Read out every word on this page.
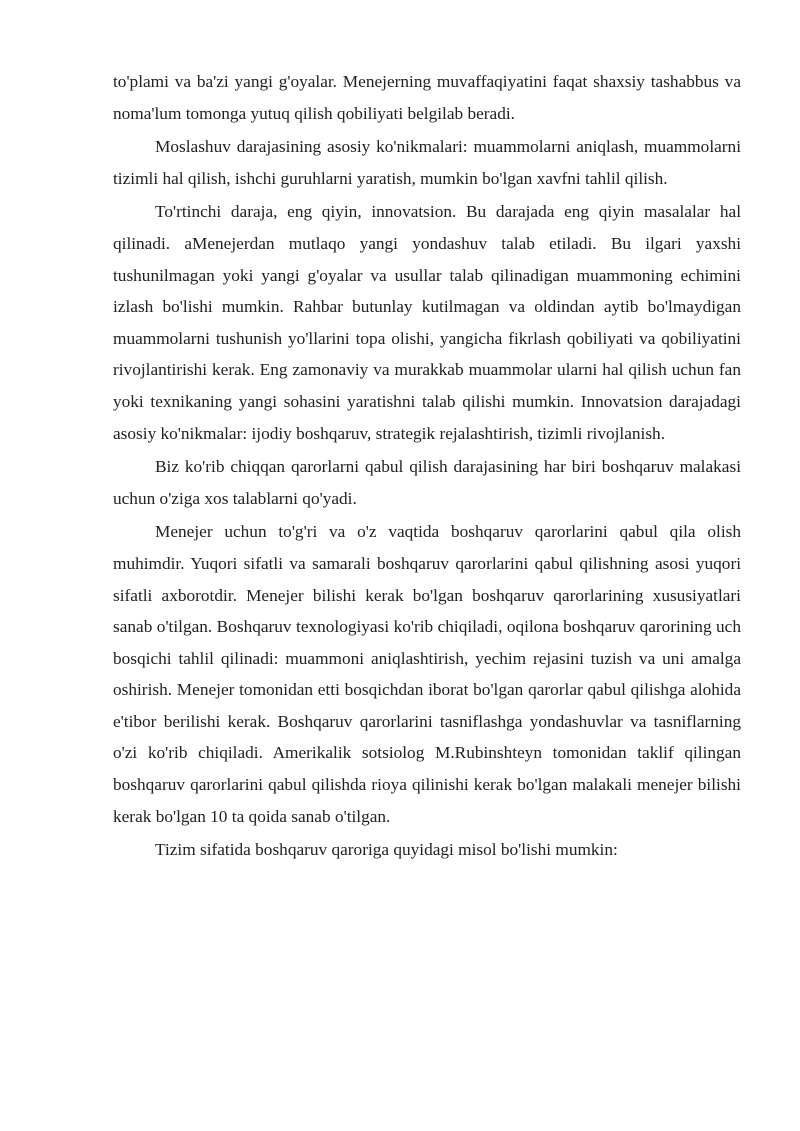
to'plami va ba'zi yangi g'oyalar. Menejerning muvaffaqiyatini faqat shaxsiy tashabbus va noma'lum tomonga yutuq qilish qobiliyati belgilab beradi.

Moslashuv darajasining asosiy ko'nikmalari: muammolarni aniqlash, muammolarni tizimli hal qilish, ishchi guruhlarni yaratish, mumkin bo'lgan xavfni tahlil qilish.

To'rtinchi daraja, eng qiyin, innovatsion. Bu darajada eng qiyin masalalar hal qilinadi. aMenejerdan mutlaqo yangi yondashuv talab etiladi. Bu ilgari yaxshi tushunilmagan yoki yangi g'oyalar va usullar talab qilinadigan muammoning echimini izlash bo'lishi mumkin. Rahbar butunlay kutilmagan va oldindan aytib bo'lmaydigan muammolarni tushunish yo'llarini topa olishi, yangicha fikrlash qobiliyati va qobiliyatini rivojlantirishi kerak. Eng zamonaviy va murakkab muammolar ularni hal qilish uchun fan yoki texnikaning yangi sohasini yaratishni talab qilishi mumkin. Innovatsion darajadagi asosiy ko'nikmalar: ijodiy boshqaruv, strategik rejalashtirish, tizimli rivojlanish.

Biz ko'rib chiqqan qarorlarni qabul qilish darajasining har biri boshqaruv malakasi uchun o'ziga xos talablarni qo'yadi.

Menejer uchun to'g'ri va o'z vaqtida boshqaruv qarorlarini qabul qila olish muhimdir. Yuqori sifatli va samarali boshqaruv qarorlarini qabul qilishning asosi yuqori sifatli axborotdir. Menejer bilishi kerak bo'lgan boshqaruv qarorlarining xususiyatlari sanab o'tilgan. Boshqaruv texnologiyasi ko'rib chiqiladi, oqilona boshqaruv qarorining uch bosqichi tahlil qilinadi: muammoni aniqlashtirish, yechim rejasini tuzish va uni amalga oshirish. Menejer tomonidan etti bosqichdan iborat bo'lgan qarorlar qabul qilishga alohida e'tibor berilishi kerak. Boshqaruv qarorlarini tasniflashga yondashuvlar va tasniflarning o'zi ko'rib chiqiladi. Amerikalik sotsiolog M.Rubinshteyn tomonidan taklif qilingan boshqaruv qarorlarini qabul qilishda rioya qilinishi kerak bo'lgan malakali menejer bilishi kerak bo'lgan 10 ta qoida sanab o'tilgan.

Tizim sifatida boshqaruv qaroriga quyidagi misol bo'lishi mumkin:
